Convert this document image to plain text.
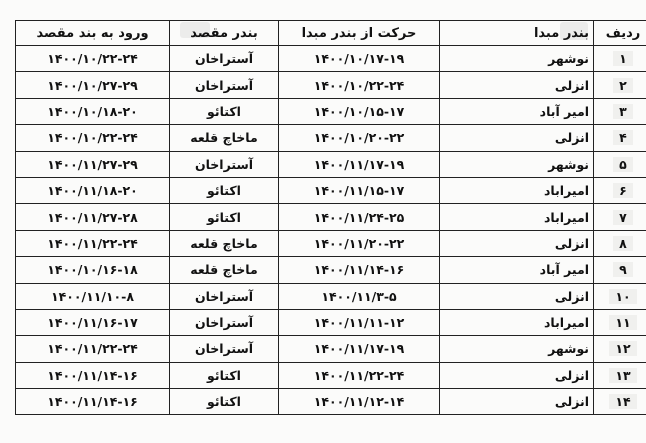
ردیف	بندر مبدا	حرکت از بندر مبدا	بندر مقصد	ورود به بند مقصد
۱	نوشهر	۱۴۰۰/۱۰/۱۷-۱۹	آستراخان	۱۴۰۰/۱۰/۲۲-۲۴
۲	انزلی	۱۴۰۰/۱۰/۲۲-۲۴	آستراخان	۱۴۰۰/۱۰/۲۷-۲۹
۳	امیر آباد	۱۴۰۰/۱۰/۱۵-۱۷	اکتائو	۱۴۰۰/۱۰/۱۸-۲۰
۴	انزلی	۱۴۰۰/۱۰/۲۰-۲۲	ماخاچ قلعه	۱۴۰۰/۱۰/۲۲-۲۴
۵	نوشهر	۱۴۰۰/۱۱/۱۷-۱۹	آستراخان	۱۴۰۰/۱۱/۲۷-۲۹
۶	امیراباد	۱۴۰۰/۱۱/۱۵-۱۷	اکتائو	۱۴۰۰/۱۱/۱۸-۲۰
۷	امیراباد	۱۴۰۰/۱۱/۲۴-۲۵	اکتائو	۱۴۰۰/۱۱/۲۷-۲۸
۸	انزلی	۱۴۰۰/۱۱/۲۰-۲۲	ماخاچ قلعه	۱۴۰۰/۱۱/۲۲-۲۴
۹	امیر آباد	۱۴۰۰/۱۱/۱۴-۱۶	ماخاچ قلعه	۱۴۰۰/۱۰/۱۶-۱۸
۱۰	انزلی	۱۴۰۰/۱۱/۳-۵	آستراخان	۱۴۰۰/۱۱/۱۰-۸
۱۱	امیراباد	۱۴۰۰/۱۱/۱۱-۱۲	آستراخان	۱۴۰۰/۱۱/۱۶-۱۷
۱۲	نوشهر	۱۴۰۰/۱۱/۱۷-۱۹	آستراخان	۱۴۰۰/۱۱/۲۲-۲۴
۱۳	انزلی	۱۴۰۰/۱۱/۲۲-۲۴	اکتائو	۱۴۰۰/۱۱/۱۴-۱۶
۱۴	انزلی	۱۴۰۰/۱۱/۱۲-۱۴	اکتائو	۱۴۰۰/۱۱/۱۴-۱۶
